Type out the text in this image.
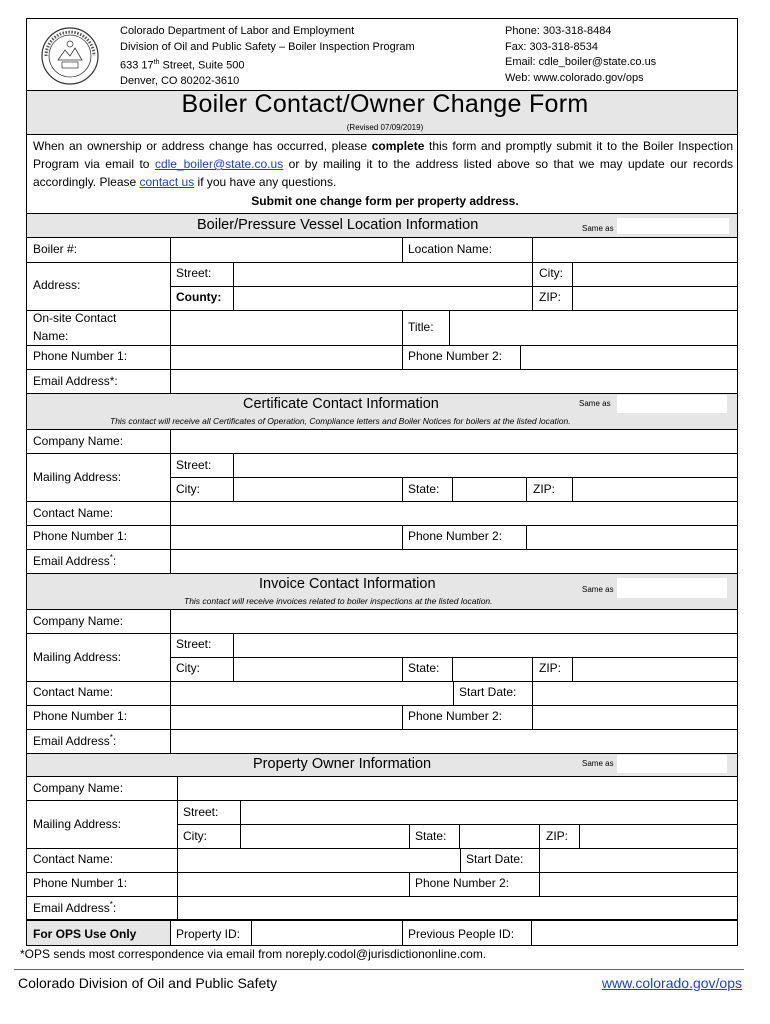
Colorado Department of Labor and Employment
Division of Oil and Public Safety – Boiler Inspection Program
633 17th Street, Suite 500
Denver, CO 80202-3610
Phone: 303-318-8484
Fax: 303-318-8534
Email: cdle_boiler@state.co.us
Web: www.colorado.gov/ops
Boiler Contact/Owner Change Form
(Revised 07/09/2019)
When an ownership or address change has occurred, please complete this form and promptly submit it to the Boiler Inspection Program via email to cdle_boiler@state.co.us or by mailing it to the address listed above so that we may update our records accordingly. Please contact us if you have any questions.
Submit one change form per property address.
Boiler/Pressure Vessel Location Information	Same as
Boiler #:	Location Name:
Address:
Street:	City:
County:	ZIP:
On-site Contact
Name:
Title:
Phone Number 1:	Phone Number 2:
Email Address*:
Certificate Contact Information	Same as
This contact will receive all Certificates of Operation, Compliance letters and Boiler Notices for boilers at the listed location.
Company Name:
Mailing Address:
Street:
City:	State:	ZIP:
Contact Name:
Phone Number 1:	Phone Number 2:
Email Address*:
Invoice Contact Information	Same as
This contact will receive invoices related to boiler inspections at the listed location.
Company Name:
Mailing Address:
Street:
City:	State:	ZIP:
Contact Name:	Start Date:
Phone Number 1:	Phone Number 2:
Email Address*:
Property Owner Information	Same as
Company Name:
Mailing Address:
Street:
City:	State:	ZIP:
Contact Name:	Start Date:
Phone Number 1:	Phone Number 2:
Email Address*:
For OPS Use Only	Property ID:	Previous People ID:
*OPS sends most correspondence via email from noreply.codol@jurisdictiononline.com.
Colorado Division of Oil and Public Safety	www.colorado.gov/ops
